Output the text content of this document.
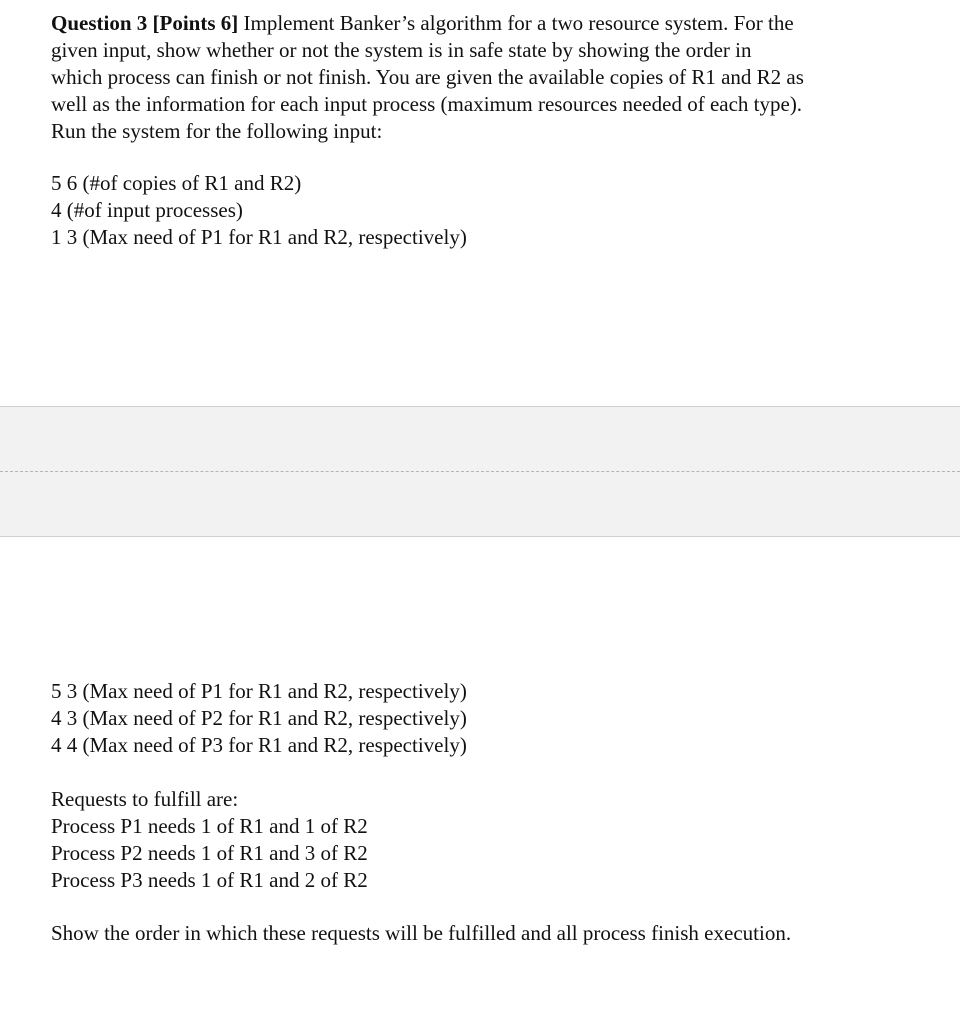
Question 3 [Points 6] Implement Banker’s algorithm for a two resource system. For the
given input, show whether or not the system is in safe state by showing the order in
which process can finish or not finish. You are given the available copies of R1 and R2 as
well as the information for each input process (maximum resources needed of each type).
Run the system for the following input:
5 6 (#of copies of R1 and R2)
4 (#of input processes)
1 3 (Max need of P1 for R1 and R2, respectively)
5 3 (Max need of P1 for R1 and R2, respectively)
4 3 (Max need of P2 for R1 and R2, respectively)
4 4 (Max need of P3 for R1 and R2, respectively)
Requests to fulfill are:
Process P1 needs 1 of R1 and 1 of R2
Process P2 needs 1 of R1 and 3 of R2
Process P3 needs 1 of R1 and 2 of R2
Show the order in which these requests will be fulfilled and all process finish execution.
